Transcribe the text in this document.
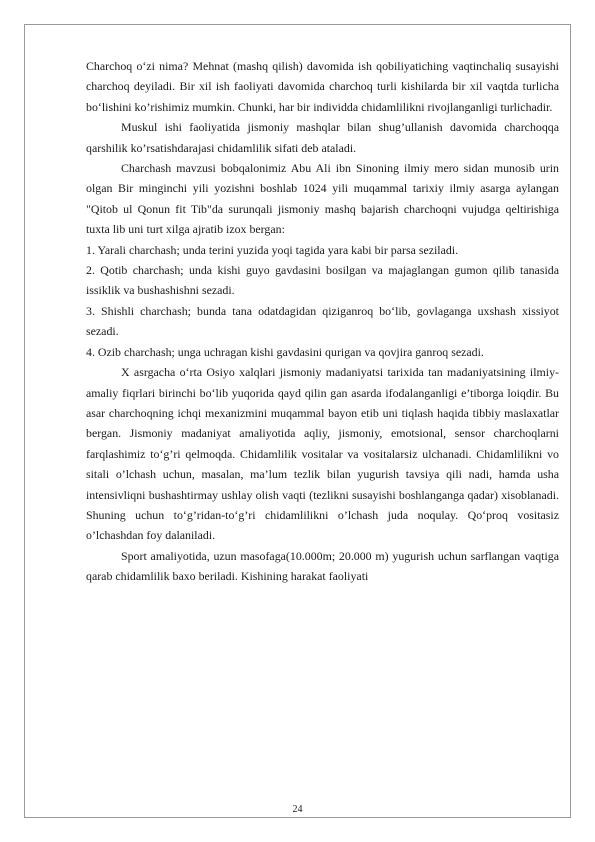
Charchoq o‘zi nima? Mehnat (mashq qilish) davomida ish qobiliyatiching vaqtinchaliq susayishi charchoq deyiladi. Bir xil ish faoliyati davomida charchoq turli kishilarda bir xil vaqtda turlicha bo‘lishini ko’rishimiz mumkin. Chunki, har bir individda chidamlilikni rivojlanganligi turlichadir.

Muskul ishi faoliyatida jismoniy mashqlar bilan shug’ullanish davomida charchoqqa qarshilik ko’rsatishdarajasi chidamlilik sifati deb ataladi.

Charchash mavzusi bobqalonimiz Abu Ali ibn Sinoning ilmiy mero sidan munosib urin olgan Bir minginchi yili yozishni boshlab 1024 yili muqammal tarixiy ilmiy asarga aylangan "Qitob ul Qonun fit Tib"da surunqali jismoniy mashq bajarish charchoqni vujudga qeltirishiga tuxta lib uni turt xilga ajratib izox bergan:

1. Yarali charchash; unda terini yuzida yoqi tagida yara kabi bir parsa seziladi.

2. Qotib charchash; unda kishi guyo gavdasini bosilgan va majaglangan gumon qilib tanasida issiklik va bushashishni sezadi.

3. Shishli charchash; bunda tana odatdagidan qiziganroq bo‘lib, govlaganga uxshash xissiyot sezadi.

4. Ozib charchash; unga uchragan kishi gavdasini qurigan va qovjira ganroq sezadi.

X asrgacha o‘rta Osiyo xalqlari jismoniy madaniyatsi tarixida tan madaniyatsining ilmiy-amaliy fiqrlari birinchi bo‘lib yuqorida qayd qilin gan asarda ifodalanganligi e’tiborga loiqdir. Bu asar charchoqning ichqi mexanizmini muqammal bayon etib uni tiqlash haqida tibbiy maslaxatlar bergan. Jismoniy madaniyat amaliyotida aqliy, jismoniy, emotsional, sensor charchoqlarni farqlashimiz to‘g’ri qelmoqda. Chidamlilik vositalar va vositalarsiz ulchanadi. Chidamlilikni vo sitali o’lchash uchun, masalan, ma’lum tezlik bilan yugurish tavsiya qili nadi, hamda usha intensivliqni bushashtirmay ushlay olish vaqti (tezlikni susayishi boshlanganga qadar) xisoblanadi. Shuning uchun to‘g’ridan-to‘g’ri chidamlilikni o’lchash juda noqulay. Qo‘proq vositasiz o’lchashdan foy dalaniladi.

Sport amaliyotida, uzun masofaga(10.000m; 20.000 m) yugurish uchun sarflangan vaqtiga qarab chidamlilik baxo beriladi. Kishining harakat faoliyati

24
